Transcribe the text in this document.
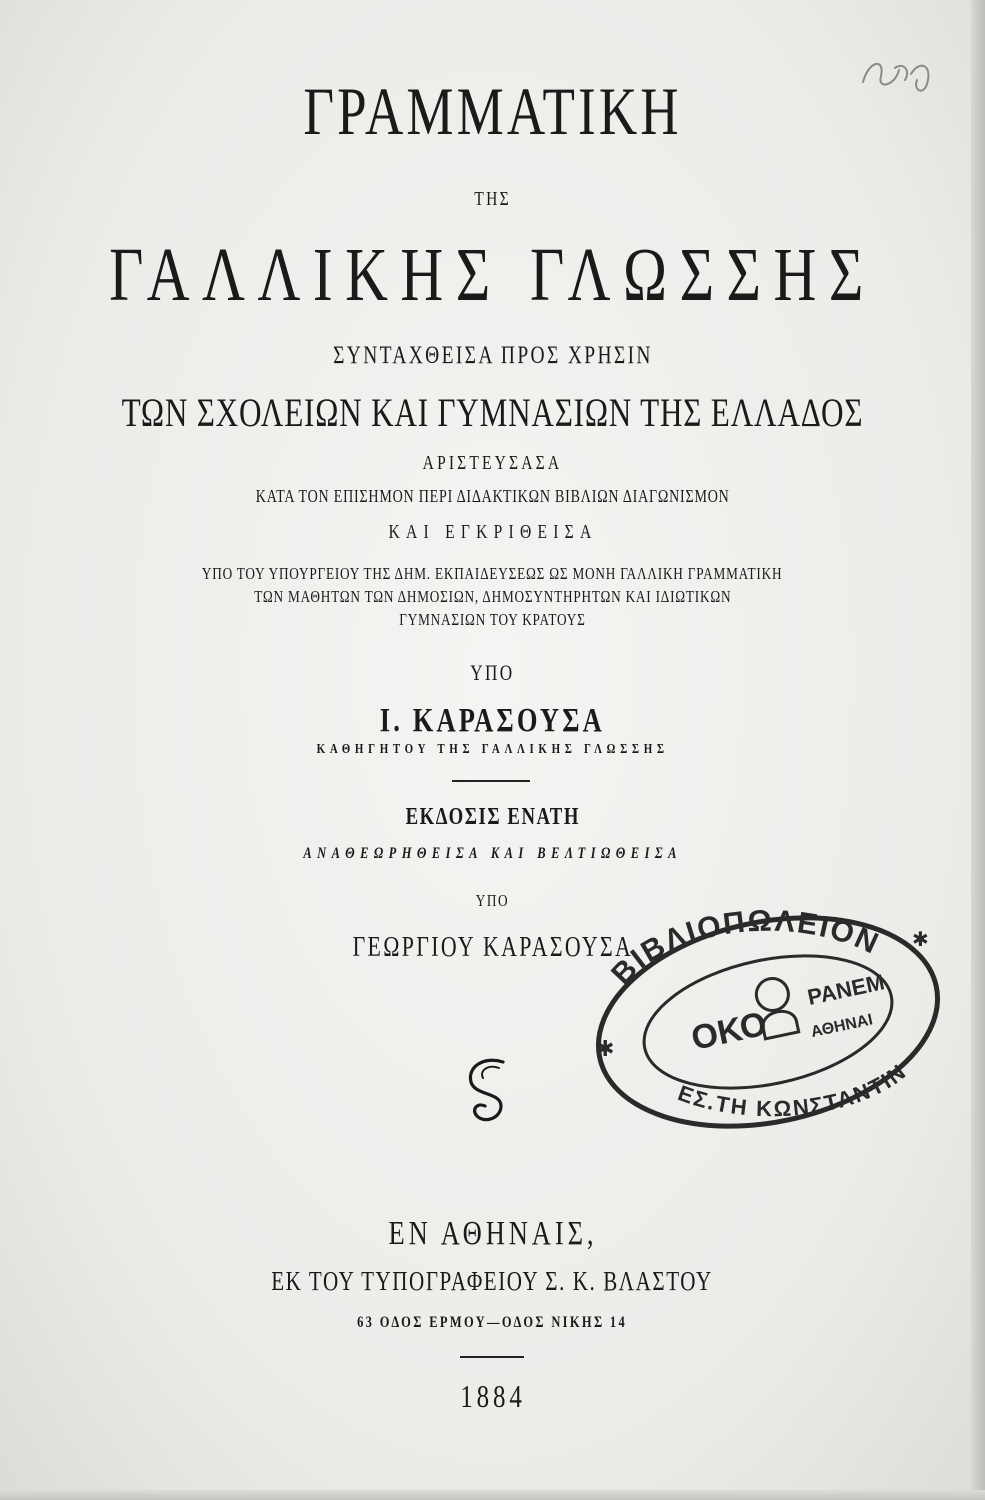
ΓΡΑΜΜΑΤΙΚΗ
ΤΗΣ
ΓΑΛΛΙΚΗΣ ΓΛΩΣΣΗΣ
ΣΥΝΤΑΧΘΕΙΣΑ ΠΡΟΣ ΧΡΗΣΙΝ
ΤΩΝ ΣΧΟΛΕΙΩΝ ΚΑΙ ΓΥΜΝΑΣΙΩΝ ΤΗΣ ΕΛΛΑΔΟΣ
ΑΡΙΣΤΕΥΣΑΣΑ
ΚΑΤΑ ΤΟΝ ΕΠΙΣΗΜΟΝ ΠΕΡΙ ΔΙΔΑΚΤΙΚΩΝ ΒΙΒΛΙΩΝ ΔΙΑΓΩΝΙΣΜΟΝ
ΚΑΙ ΕΓΚΡΙΘΕΙΣΑ
ΥΠΟ ΤΟΥ ΥΠΟΥΡΓΕΙΟΥ ΤΗΣ ΔΗΜ. ΕΚΠΑΙΔΕΥΣΕΩΣ ΩΣ ΜΟΝΗ ΓΑΛΛΙΚΗ ΓΡΑΜΜΑΤΙΚΗ
ΤΩΝ ΜΑΘΗΤΩΝ ΤΩΝ ΔΗΜΟΣΙΩΝ, ΔΗΜΟΣΥΝΤΗΡΗΤΩΝ ΚΑΙ ΙΔΙΩΤΙΚΩΝ
ΓΥΜΝΑΣΙΩΝ ΤΟΥ ΚΡΑΤΟΥΣ
ΥΠΟ
Ι. ΚΑΡΑΣΟΥΣΑ
ΚΑΘΗΓΗΤΟΥ ΤΗΣ ΓΑΛΛΙΚΗΣ ΓΛΩΣΣΗΣ
ΕΚΔΟΣΙΣ ΕΝΑΤΗ
ΑΝΑΘΕΩΡΗΘΕΙΣΑ ΚΑΙ ΒΕΛΤΙΩΘΕΙΣΑ
ΥΠΟ
ΓΕΩΡΓΙΟΥ ΚΑΡΑΣΟΥΣΑ
ΒΙΒΛΙΟΠΩΛΕΙΟΝ
ΕΣ.ΤΗ ΚΩΝΣΤΑΝΤΙΝ
ΟΚΟ
ΡΑΝΕΜ
ΑΘΗΝΑΙ
✱
✱
ΕΝ ΑΘΗΝΑΙΣ,
ΕΚ ΤΟΥ ΤΥΠΟΓΡΑΦΕΙΟΥ Σ. Κ. ΒΛΑΣΤΟΥ
63 ΟΔΟΣ ΕΡΜΟΥ—ΟΔΟΣ ΝΙΚΗΣ 14
1884
